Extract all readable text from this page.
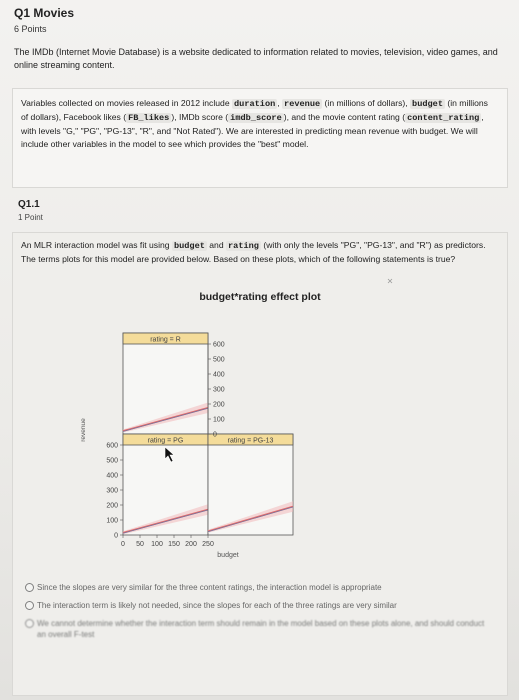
Q1 Movies
6 Points
The IMDb (Internet Movie Database) is a website dedicated to information related to movies, television, video games, and online streaming content.
Variables collected on movies released in 2012 include duration , revenue (in millions of dollars), budget (in millions of dollars), Facebook likes ( FB_likes ), IMDb score ( imdb_score ), and the movie content rating ( content_rating , with levels "G," "PG", "PG-13", "R", and "Not Rated"). We are interested in predicting mean revenue with budget. We will include other variables in the model to see which provides the "best" model.
Q1.1
1 Point
An MLR interaction model was fit using budget and rating (with only the levels "PG", "PG-13", and "R") as predictors. The terms plots for this model are provided below. Based on these plots, which of the following statements is true?
budget*rating effect plot
rating = R
rating = PG	rating = PG-13
0
100
200
300
400
500
600
0
100
200
300
400
500
600
revenue
0 50 100 150 200 250
budget
Since the slopes are very similar for the three content ratings, the interaction model is appropriate
The interaction term is likely not needed, since the slopes for each of the three ratings are very similar
We cannot determine whether the interaction term should remain in the model based on these plots alone, and should conduct an overall F-test
